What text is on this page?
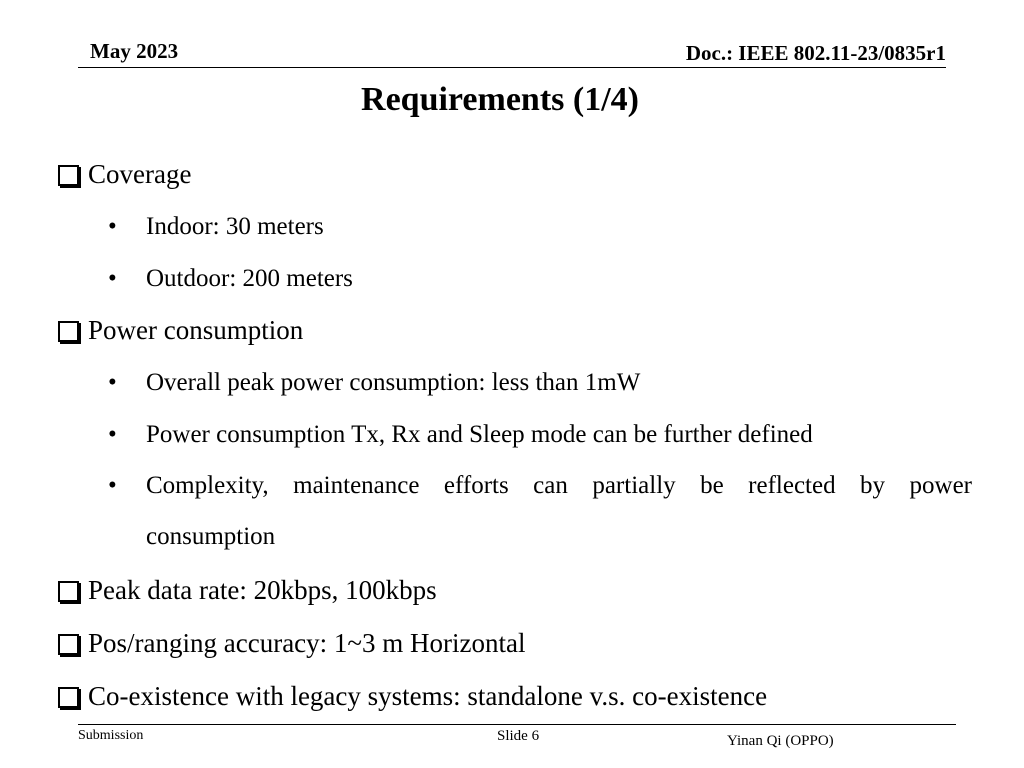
May 2023	Doc.: IEEE 802.11-23/0835r1
Requirements (1/4)
Coverage
• Indoor: 30 meters
• Outdoor: 200 meters
Power consumption
• Overall peak power consumption: less than 1mW
• Power consumption Tx, Rx and Sleep mode can be further defined
• Complexity, maintenance efforts can partially be reflected by power
consumption
Peak data rate: 20kbps, 100kbps
Pos/ranging accuracy: 1~3 m Horizontal
Co-existence with legacy systems: standalone v.s. co-existence
Submission	Slide 6	Yinan Qi (OPPO)
